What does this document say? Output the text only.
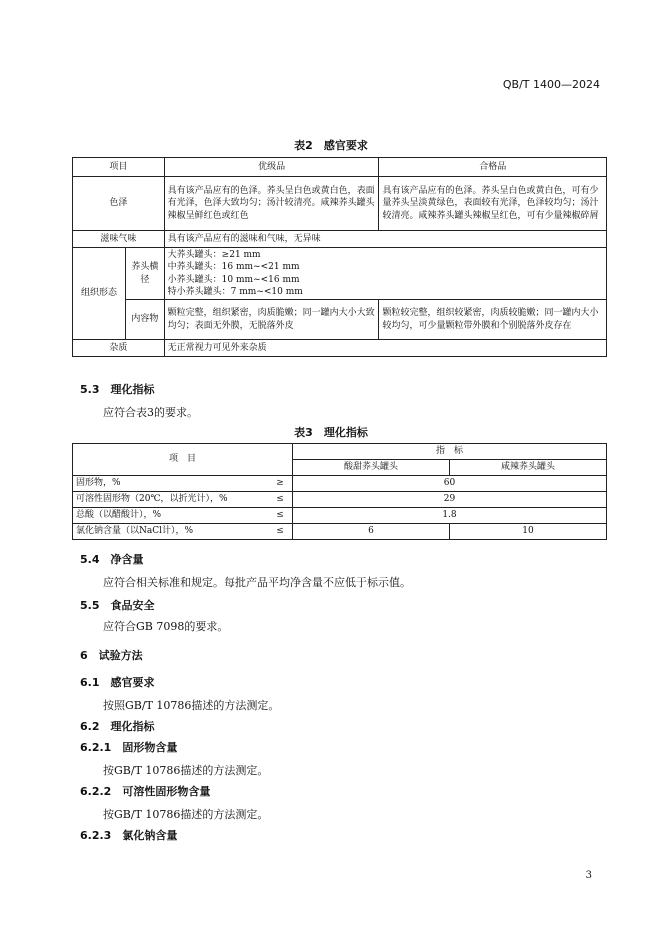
QB/T 1400—2024
表2　感官要求
项目		优级品	合格品
色泽		具有该产品应有的色泽。荞头呈白色或黄白色，表面有光泽，色泽大致均匀；汤汁较清亮。咸辣荞头罐头辣椒呈鲜红色或红色	具有该产品应有的色泽。荞头呈白色或黄白色，可有少量荞头呈淡黄绿色，表面较有光泽，色泽较均匀；汤汁较清亮。咸辣荞头罐头辣椒呈红色，可有少量辣椒碎屑
滋味气味		具有该产品应有的滋味和气味，无异味	
组织形态	荞头横径	大荞头罐头：≥21 mm
中荞头罐头：16 mm~<21 mm
小荞头罐头：10 mm~<16 mm
特小荞头罐头：7 mm~<10 mm	

	内容物	颗粒完整，组织紧密，肉质脆嫩；同一罐内大小大致均匀；表面无外膜，无脱落外皮	颗粒较完整，组织较紧密，肉质较脆嫩；同一罐内大小较均匀，可少量颗粒带外膜和个别脱落外皮存在
杂质		无正常视力可见外来杂质	
5.3　理化指标
应符合表3的要求。
表3　理化指标
项　目		指　标	
		酸甜荞头罐头	咸辣荞头罐头
固形物，%	≥	60	
可溶性固形物（20℃，以折光计），%	≤	29	
总酸（以醋酸计），%	≤	1.8	
氯化钠含量（以NaCl计），%	≤	6	10
5.4　净含量
应符合相关标准和规定。每批产品平均净含量不应低于标示值。
5.5　食品安全
应符合GB 7098的要求。
6　试验方法
6.1　感官要求
按照GB/T 10786描述的方法测定。
6.2　理化指标
6.2.1　固形物含量
按GB/T 10786描述的方法测定。
6.2.2　可溶性固形物含量
按GB/T 10786描述的方法测定。
6.2.3　氯化钠含量
3
